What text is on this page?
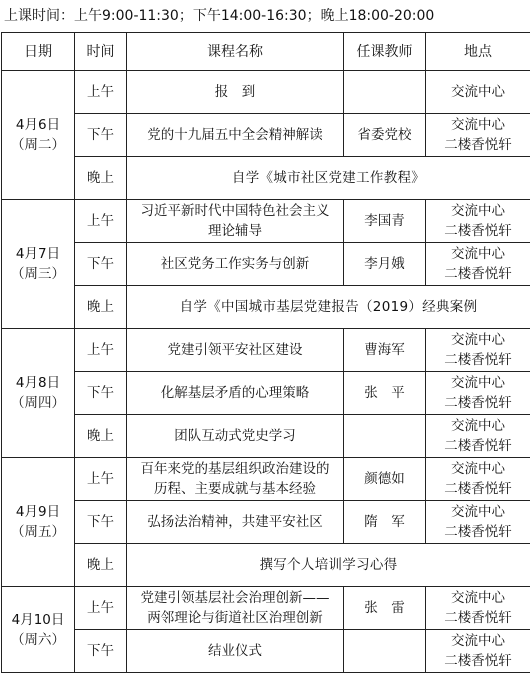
上课时间：上午9:00-11:30；下午14:00-16:30；晚上18:00-20:00
日期	时间	课程名称	任课教师	地点

4月6日
（周二）	上午	报　到		交流中心

	下午	党的十九届五中全会精神解读	省委党校	交流中心
二楼香悦轩

	晚上	自学《城市社区党建工作教程》		

4月7日
（周三）	上午	习近平新时代中国特色社会主义
理论辅导	李国青	交流中心
二楼香悦轩

	下午	社区党务工作实务与创新	李月娥	交流中心
二楼香悦轩

	晚上	自学《中国城市基层党建报告（2019）经典案例		

4月8日
（周四）	上午	党建引领平安社区建设	曹海军	交流中心
二楼香悦轩

	下午	化解基层矛盾的心理策略	张　平	交流中心
二楼香悦轩

	晚上	团队互动式党史学习		交流中心
二楼香悦轩

4月9日
（周五）	上午	百年来党的基层组织政治建设的
历程、主要成就与基本经验	颜德如	交流中心
二楼香悦轩

	下午	弘扬法治精神，共建平安社区	隋　军	交流中心
二楼香悦轩

	晚上	撰写个人培训学习心得		

4月10日
（周六）	上午	党建引领基层社会治理创新——
两邻理论与街道社区治理创新	张　雷	交流中心
二楼香悦轩

	下午	结业仪式		交流中心
二楼香悦轩
